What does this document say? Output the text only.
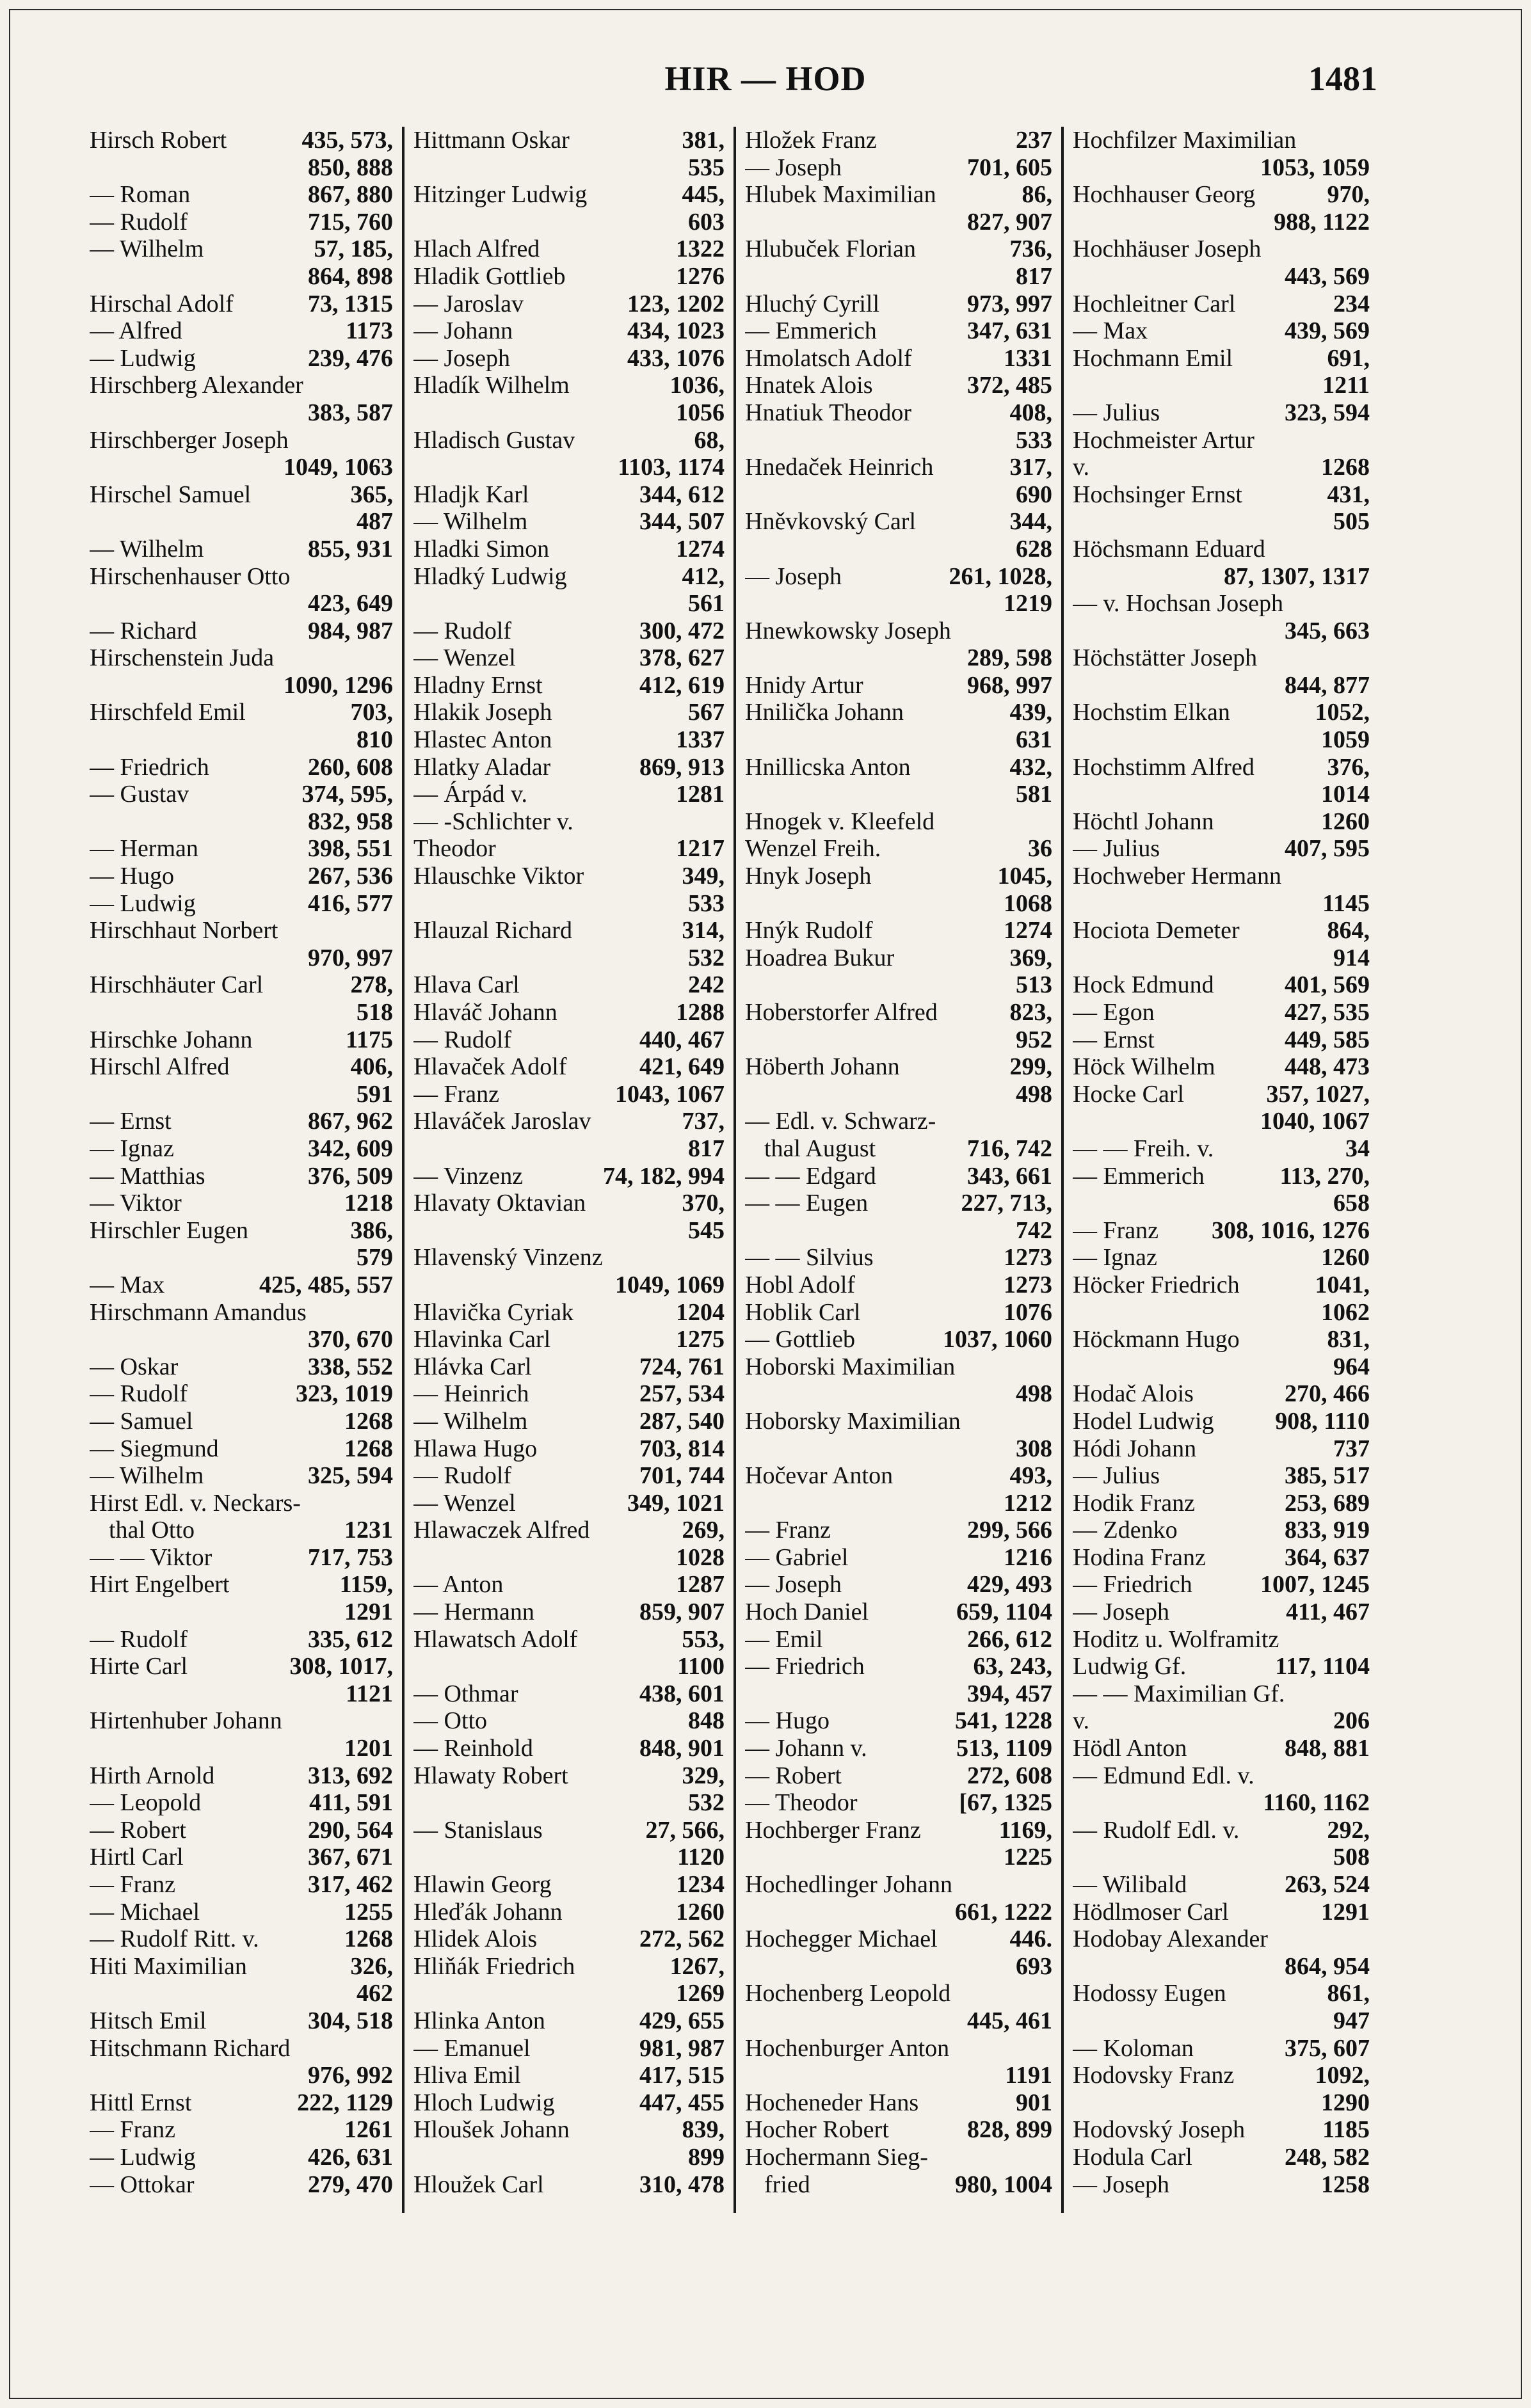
HIR — HOD	1481
Hirsch Robert	435, 573,
850, 888
— Roman	867, 880
— Rudolf	715, 760
— Wilhelm	57, 185,
864, 898
Hirschal Adolf	73, 1315
— Alfred	1173
— Ludwig	239, 476
Hirschberg Alexander
383, 587
Hirschberger Joseph
1049, 1063
Hirschel Samuel	365,
487
— Wilhelm	855, 931
Hirschenhauser Otto
423, 649
— Richard	984, 987
Hirschenstein Juda
1090, 1296
Hirschfeld Emil	703,
810
— Friedrich	260, 608
— Gustav	374, 595,
832, 958
— Herman	398, 551
— Hugo	267, 536
— Ludwig	416, 577
Hirschhaut Norbert
970, 997
Hirschhäuter Carl	278,
518
Hirschke Johann	1175
Hirschl Alfred	406,
591
— Ernst	867, 962
— Ignaz	342, 609
— Matthias	376, 509
— Viktor	1218
Hirschler Eugen	386,
579
— Max	425, 485, 557
Hirschmann Amandus
370, 670
— Oskar	338, 552
— Rudolf	323, 1019
— Samuel	1268
— Siegmund	1268
— Wilhelm	325, 594
Hirst Edl. v. Neckars-
thal Otto	1231
— — Viktor	717, 753
Hirt Engelbert	1159,
1291
— Rudolf	335, 612
Hirte Carl	308, 1017,
1121
Hirtenhuber Johann
1201
Hirth Arnold	313, 692
— Leopold	411, 591
— Robert	290, 564
Hirtl Carl	367, 671
— Franz	317, 462
— Michael	1255
— Rudolf Ritt. v.	1268
Hiti Maximilian	326,
462
Hitsch Emil	304, 518
Hitschmann Richard
976, 992
Hittl Ernst	222, 1129
— Franz	1261
— Ludwig	426, 631
— Ottokar	279, 470
Hittmann Oskar	381,
535
Hitzinger Ludwig	445,
603
Hlach Alfred	1322
Hladik Gottlieb	1276
— Jaroslav	123, 1202
— Johann	434, 1023
— Joseph	433, 1076
Hladík Wilhelm	1036,
1056
Hladisch Gustav	68,
1103, 1174
Hladjk Karl	344, 612
— Wilhelm	344, 507
Hladki Simon	1274
Hladký Ludwig	412,
561
— Rudolf	300, 472
— Wenzel	378, 627
Hladny Ernst	412, 619
Hlakik Joseph	567
Hlastec Anton	1337
Hlatky Aladar	869, 913
— Árpád v.	1281
— -Schlichter v.
Theodor	1217
Hlauschke Viktor	349,
533
Hlauzal Richard	314,
532
Hlava Carl	242
Hlaváč Johann	1288
— Rudolf	440, 467
Hlavaček Adolf	421, 649
— Franz	1043, 1067
Hlaváček Jaroslav	737,
817
— Vinzenz	74, 182, 994
Hlavaty Oktavian	370,
545
Hlavenský Vinzenz
1049, 1069
Hlavička Cyriak	1204
Hlavinka Carl	1275
Hlávka Carl	724, 761
— Heinrich	257, 534
— Wilhelm	287, 540
Hlawa Hugo	703, 814
— Rudolf	701, 744
— Wenzel	349, 1021
Hlawaczek Alfred	269,
1028
— Anton	1287
— Hermann	859, 907
Hlawatsch Adolf	553,
1100
— Othmar	438, 601
— Otto	848
— Reinhold	848, 901
Hlawaty Robert	329,
532
— Stanislaus	27, 566,
1120
Hlawin Georg	1234
Hleďák Johann	1260
Hlidek Alois	272, 562
Hliňák Friedrich	1267,
1269
Hlinka Anton	429, 655
— Emanuel	981, 987
Hliva Emil	417, 515
Hloch Ludwig	447, 455
Hloušek Johann	839,
899
Hloužek Carl	310, 478
Hložek Franz	237
— Joseph	701, 605
Hlubek Maximilian	86,
827, 907
Hlubuček Florian	736,
817
Hluchý Cyrill	973, 997
— Emmerich	347, 631
Hmolatsch Adolf	1331
Hnatek Alois	372, 485
Hnatiuk Theodor	408,
533
Hnedaček Heinrich	317,
690
Hněvkovský Carl	344,
628
— Joseph	261, 1028,
1219
Hnewkowsky Joseph
289, 598
Hnidy Artur	968, 997
Hnilička Johann	439,
631
Hnillicska Anton	432,
581
Hnogek v. Kleefeld
Wenzel Freih.	36
Hnyk Joseph	1045,
1068
Hnýk Rudolf	1274
Hoadrea Bukur	369,
513
Hoberstorfer Alfred	823,
952
Höberth Johann	299,
498
— Edl. v. Schwarz-
thal August	716, 742
— — Edgard	343, 661
— — Eugen	227, 713,
742
— — Silvius	1273
Hobl Adolf	1273
Hoblik Carl	1076
— Gottlieb	1037, 1060
Hoborski Maximilian
498
Hoborsky Maximilian
308
Hočevar Anton	493,
1212
— Franz	299, 566
— Gabriel	1216
— Joseph	429, 493
Hoch Daniel	659, 1104
— Emil	266, 612
— Friedrich	63, 243,
394, 457
— Hugo	541, 1228
— Johann v.	513, 1109
— Robert	272, 608
— Theodor	[67, 1325
Hochberger Franz	1169,
1225
Hochedlinger Johann
661, 1222
Hochegger Michael	446.
693
Hochenberg Leopold
445, 461
Hochenburger Anton
1191
Hocheneder Hans	901
Hocher Robert	828, 899
Hochermann Sieg-
fried	980, 1004
Hochfilzer Maximilian
1053, 1059
Hochhauser Georg	970,
988, 1122
Hochhäuser Joseph
443, 569
Hochleitner Carl	234
— Max	439, 569
Hochmann Emil	691,
1211
— Julius	323, 594
Hochmeister Artur
v.	1268
Hochsinger Ernst	431,
505
Höchsmann Eduard
87, 1307, 1317
— v. Hochsan Joseph
345, 663
Höchstätter Joseph
844, 877
Hochstim Elkan	1052,
1059
Hochstimm Alfred	376,
1014
Höchtl Johann	1260
— Julius	407, 595
Hochweber Hermann
1145
Hociota Demeter	864,
914
Hock Edmund	401, 569
— Egon	427, 535
— Ernst	449, 585
Höck Wilhelm	448, 473
Hocke Carl	357, 1027,
1040, 1067
— — Freih. v.	34
— Emmerich	113, 270,
658
— Franz 308, 1016, 1276
— Ignaz	1260
Höcker Friedrich	1041,
1062
Höckmann Hugo	831,
964
Hodač Alois	270, 466
Hodel Ludwig	908, 1110
Hódi Johann	737
— Julius	385, 517
Hodik Franz	253, 689
— Zdenko	833, 919
Hodina Franz	364, 637
— Friedrich	1007, 1245
— Joseph	411, 467
Hoditz u. Wolframitz
Ludwig Gf.	117, 1104
— — Maximilian Gf.
v.	206
Hödl Anton	848, 881
— Edmund Edl. v.
1160, 1162
— Rudolf Edl. v.	292,
508
— Wilibald	263, 524
Hödlmoser Carl	1291
Hodobay Alexander
864, 954
Hodossy Eugen	861,
947
— Koloman	375, 607
Hodovsky Franz	1092,
1290
Hodovský Joseph	1185
Hodula Carl	248, 582
— Joseph	1258
